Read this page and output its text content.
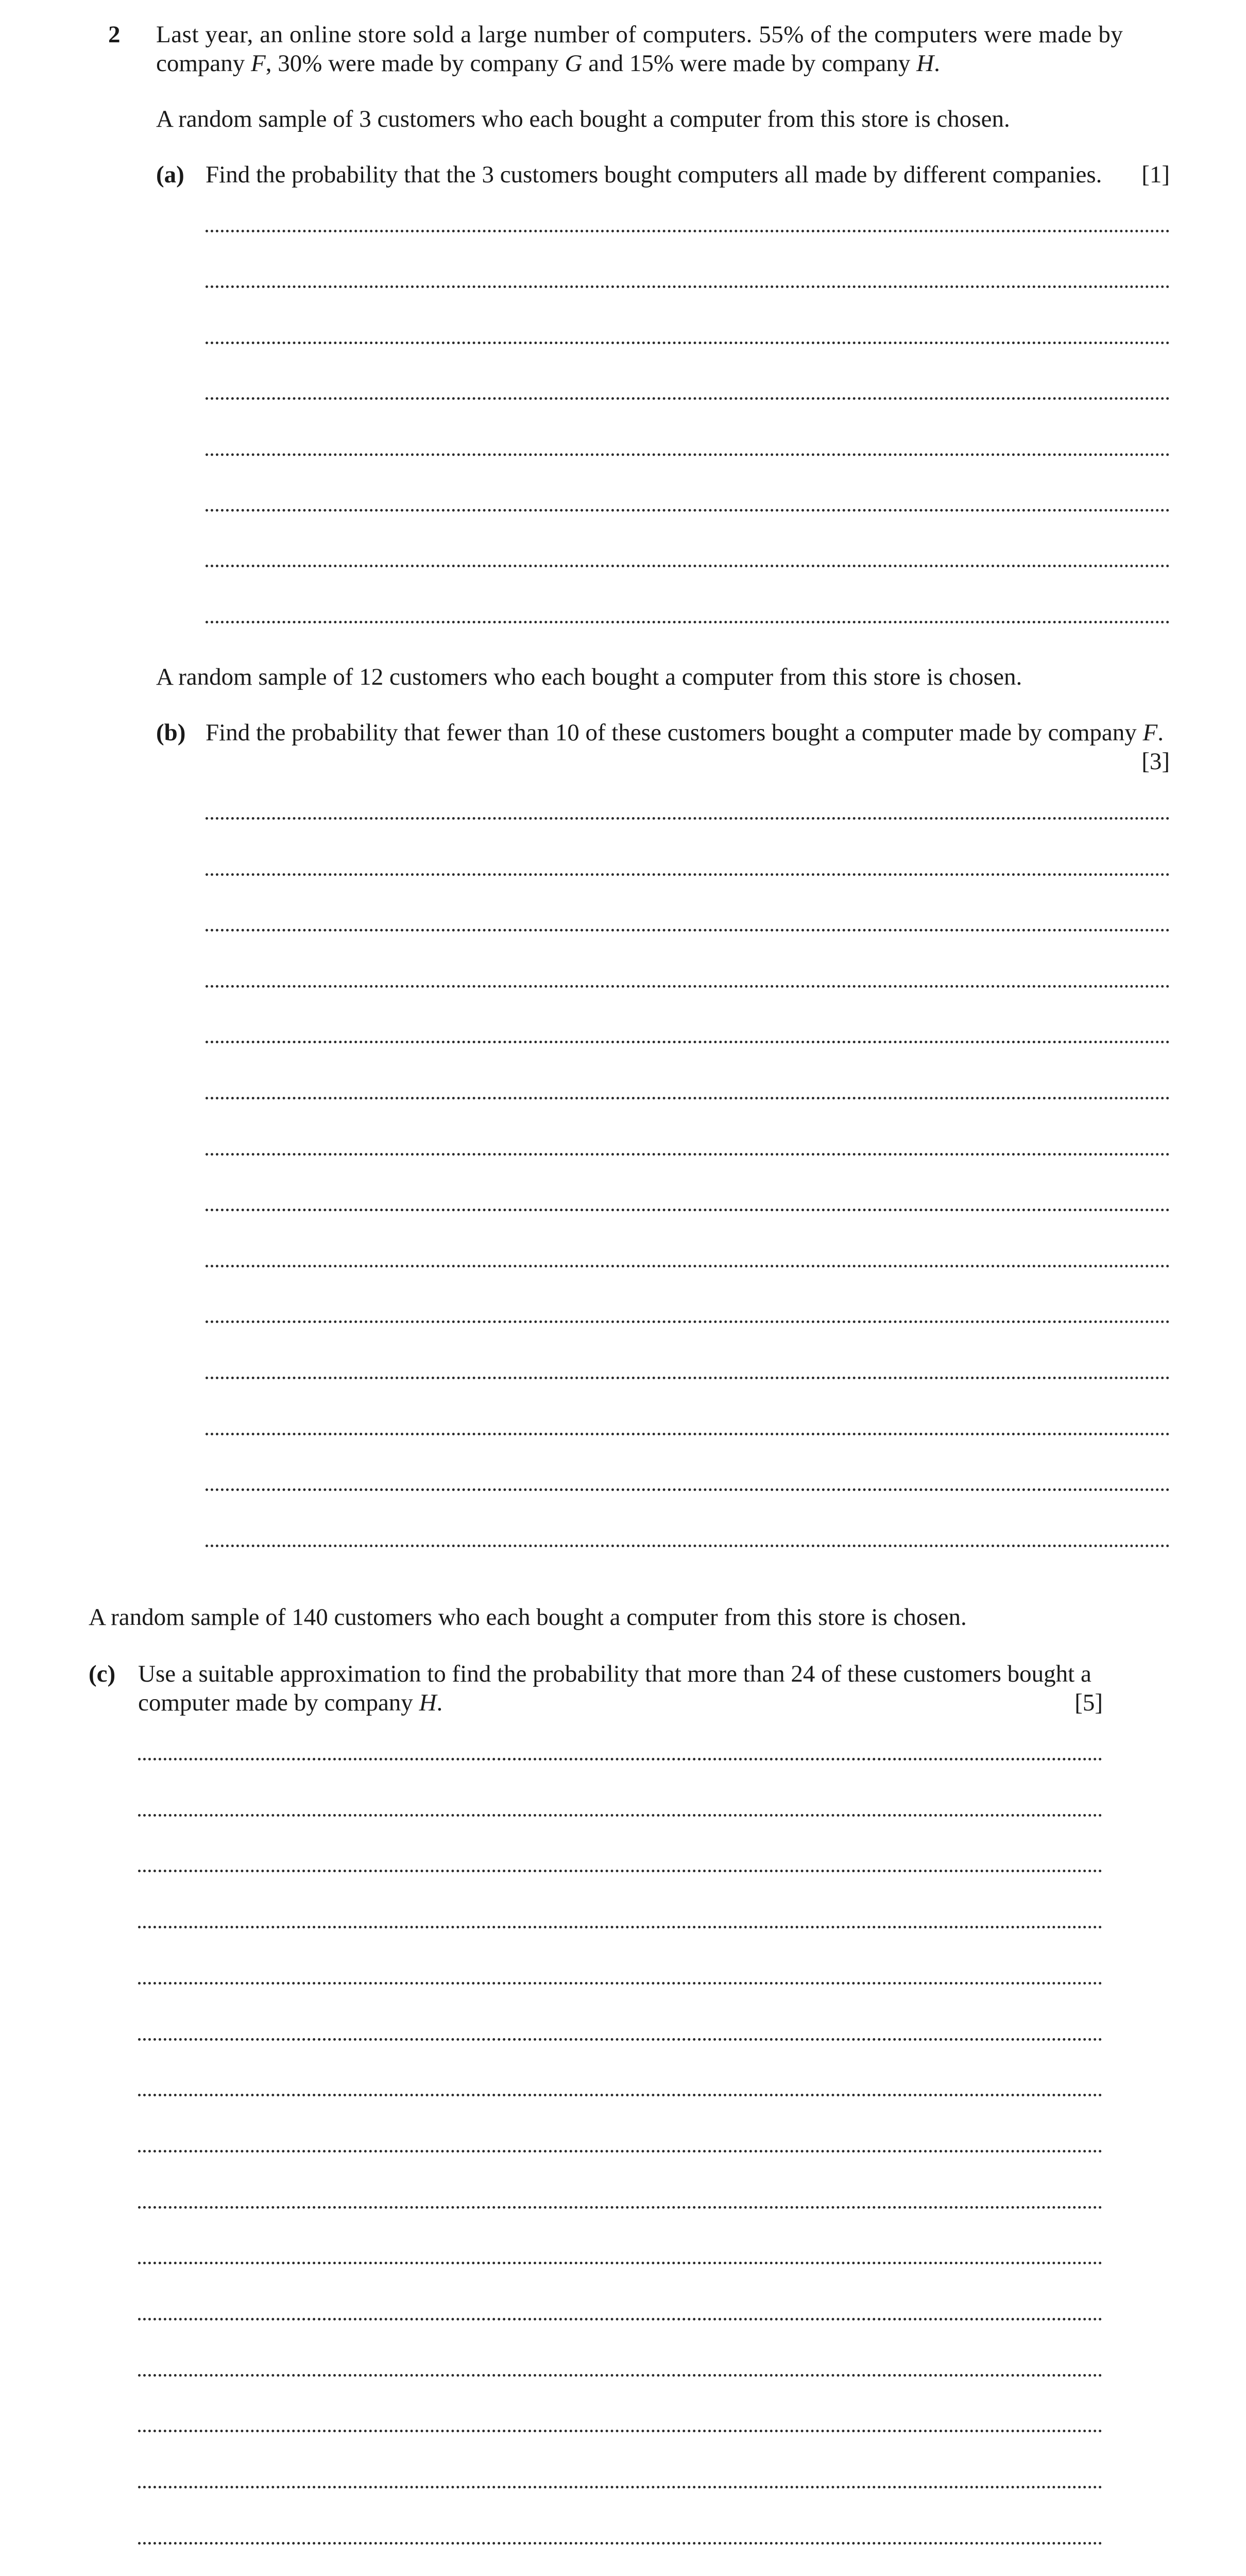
2 Last year, an online store sold a large number of computers. 55% of the computers were made by
company F, 30% were made by company G and 15% were made by company H.
A random sample of 3 customers who each bought a computer from this store is chosen.
(a) Find the probability that the 3 customers bought computers all made by different companies.	[1]
A random sample of 12 customers who each bought a computer from this store is chosen.
(b) Find the probability that fewer than 10 of these customers bought a computer made by company F.
[3]
A random sample of 140 customers who each bought a computer from this store is chosen.
(c) Use a suitable approximation to find the probability that more than 24 of these customers bought a
computer made by company H.	[5]
